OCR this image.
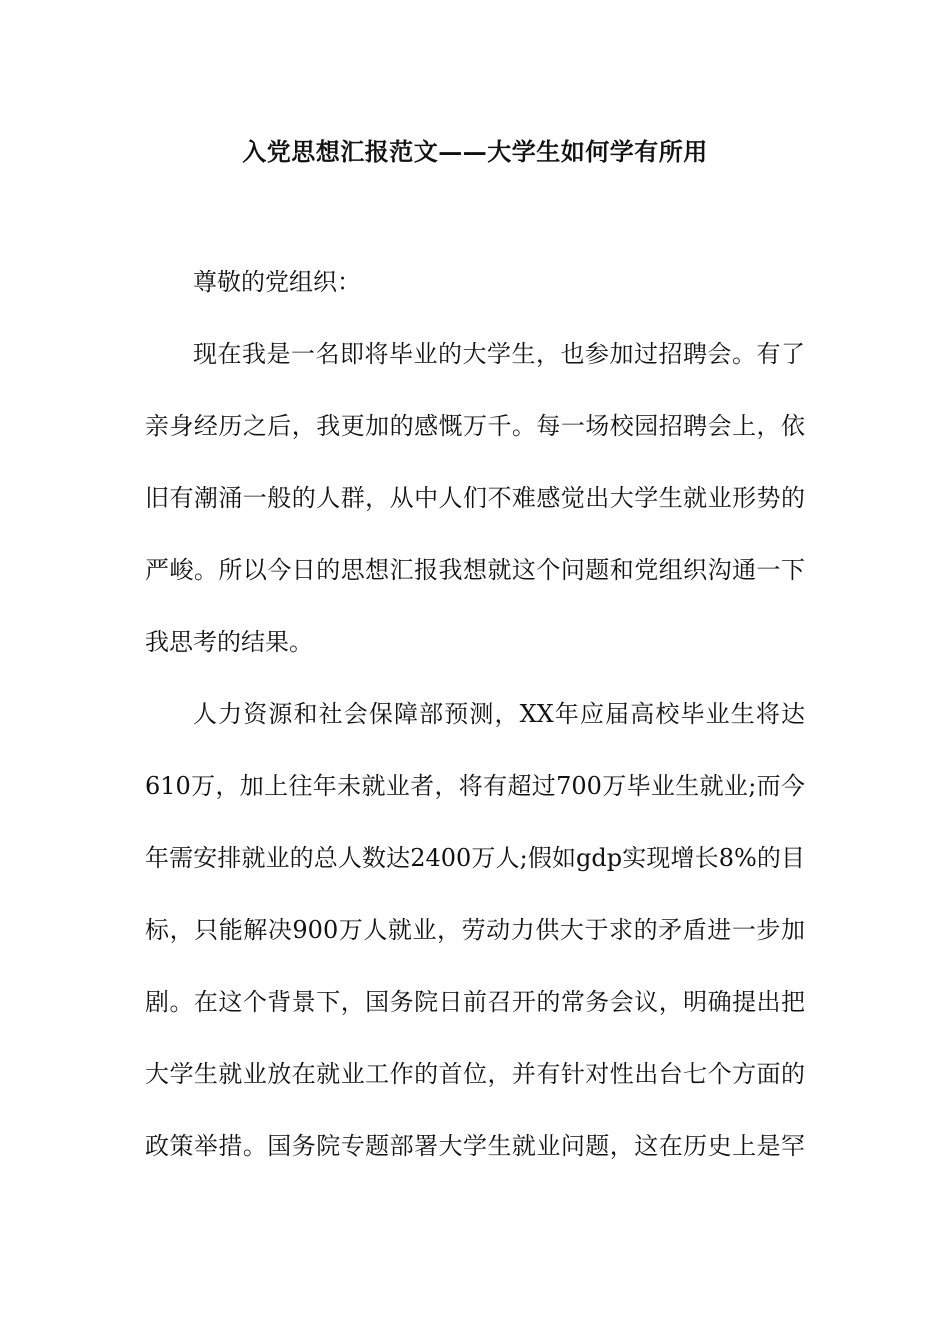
入党思想汇报范文——大学生如何学有所用
尊敬的党组织：
现在我是一名即将毕业的大学生，也参加过招聘会。有了
亲身经历之后，我更加的感慨万千。每一场校园招聘会上，依
旧有潮涌一般的人群，从中人们不难感觉出大学生就业形势的
严峻。所以今日的思想汇报我想就这个问题和党组织沟通一下
我思考的结果。
人力资源和社会保障部预测，XX年应届高校毕业生将达
610万，加上往年未就业者，将有超过700万毕业生就业;而今
年需安排就业的总人数达2400万人;假如gdp实现增长8%的目
标，只能解决900万人就业，劳动力供大于求的矛盾进一步加
剧。在这个背景下，国务院日前召开的常务会议，明确提出把
大学生就业放在就业工作的首位，并有针对性出台七个方面的
政策举措。国务院专题部署大学生就业问题，这在历史上是罕
